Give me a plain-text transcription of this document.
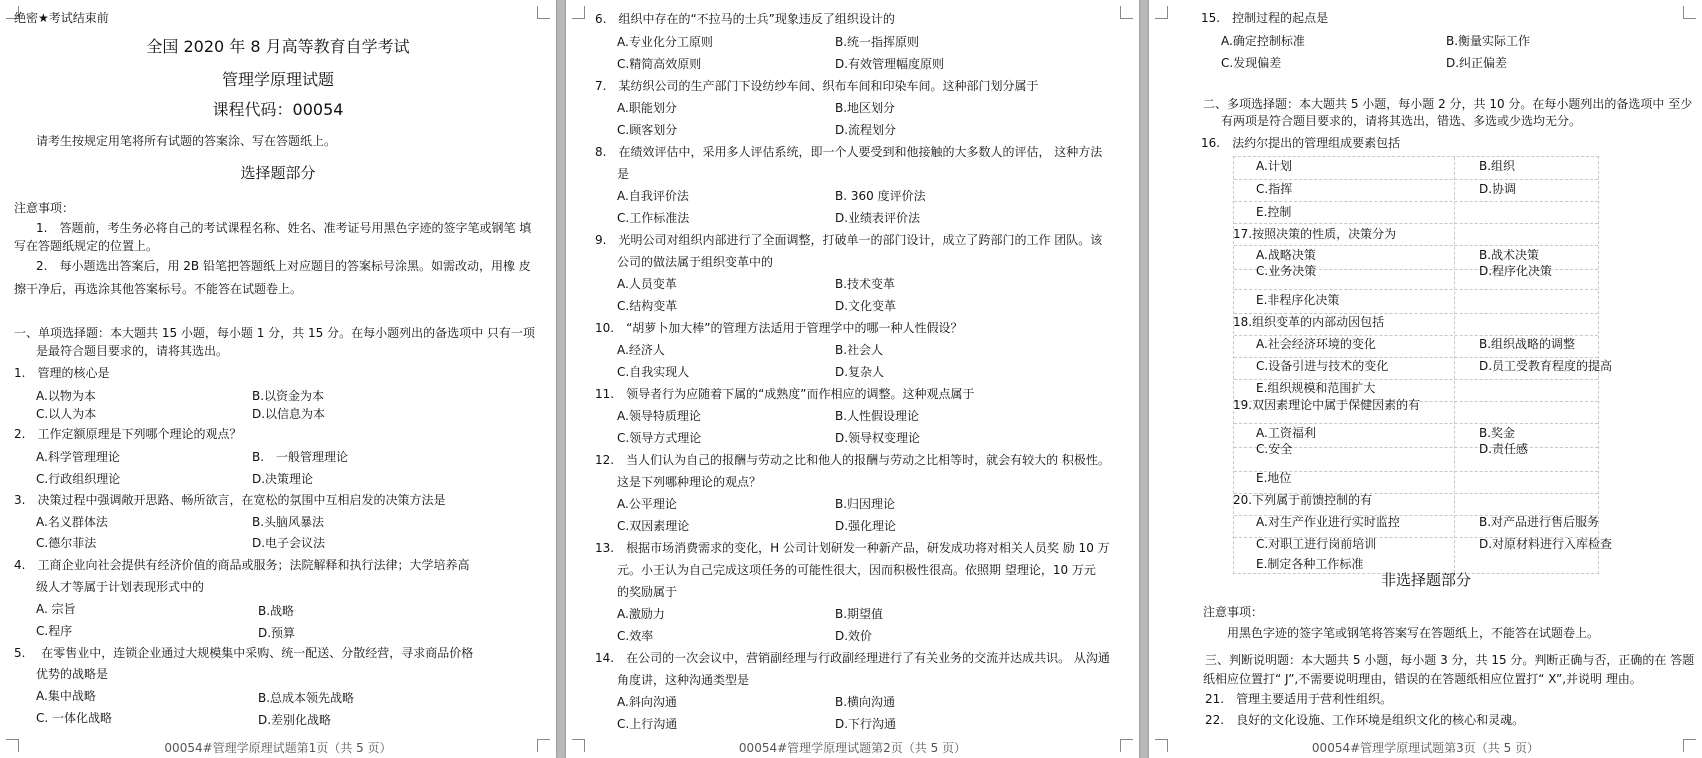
绝密★考试结束前
全国 2020 年 8 月高等教育自学考试
管理学原理试题
课程代码：00054
请考生按规定用笔将所有试题的答案涂、写在答题纸上。
选择题部分
注意事项：
1.　答题前，考生务必将自己的考试课程名称、姓名、准考证号用黑色字迹的签字笔或钢笔 填
写在答题纸规定的位置上。
2.　每小题选出答案后，用 2B 铅笔把答题纸上对应题目的答案标号涂黑。如需改动，用橡 皮
擦干净后，再选涂其他答案标号。不能答在试题卷上。
一、单项选择题：本大题共 15 小题，每小题 1 分，共 15 分。在每小题列出的备选项中 只有一项
是最符合题目要求的，请将其选出。
1.　管理的核心是
A.以物为本	B.以资金为本
C.以人为本	D.以信息为本
2.　工作定额原理是下列哪个理论的观点？
A.科学管理理论	B.　一般管理理论
C.行政组织理论	D.决策理论
3.　决策过程中强调敞开思路、畅所欲言，在宽松的氛围中互相启发的决策方法是
A.名义群体法	B.头脑风暴法
C.德尔菲法	D.电子会议法
4.　工商企业向社会提供有经济价值的商品或服务；法院解释和执行法律；大学培养高
级人才等属于计划表现形式中的
A. 宗旨	B.战略
C.程序	D.预算
5.　 在零售业中，连锁企业通过大规模集中采购、统一配送、分散经营，寻求商品价格
优势的战略是
A.集中战略	B.总成本领先战略
C. 一体化战略	D.差别化战略
00054#管理学原理试题第1页（共 5 页）
6.　组织中存在的“不拉马的士兵”现象违反了组织设计的
A.专业化分工原则	B.统一指挥原则
C.精简高效原则	D.有效管理幅度原则
7.　某纺织公司的生产部门下设纺纱车间、织布车间和印染车间。这种部门划分属于
A.职能划分	B.地区划分
C.顾客划分	D.流程划分
8.　在绩效评估中，采用多人评估系统，即一个人要受到和他接触的大多数人的评估， 这种方法
是
A.自我评价法	B. 360 度评价法
C.工作标准法	D.业绩表评价法
9.　光明公司对组织内部进行了全面调整，打破单一的部门设计，成立了跨部门的工作 团队。该
公司的做法属于组织变革中的
A.人员变革	B.技术变革
C.结构变革	D.文化变革
10.　“胡萝卜加大棒”的管理方法适用于管理学中的哪一种人性假设？
A.经济人	B.社会人
C.自我实现人	D.复杂人
11.　领导者行为应随着下属的“成熟度”而作相应的调整。这种观点属于
A.领导特质理论	B.人性假设理论
C.领导方式理论	D.领导权变理论
12.　当人们认为自己的报酬与劳动之比和他人的报酬与劳动之比相等时，就会有较大的 积极性。
这是下列哪种理论的观点？
A.公平理论	B.归因理论
C.双因素理论	D.强化理论
13.　根据市场消费需求的变化，H 公司计划研发一种新产品，研发成功将对相关人员奖 励 10 万
元。小王认为自己完成这项任务的可能性很大，因而积极性很高。依照期 望理论，10 万元
的奖励属于
A.激励力	B.期望值
C.效率	D.效价
14.　在公司的一次会议中，营销副经理与行政副经理进行了有关业务的交流并达成共识。 从沟通
角度讲，这种沟通类型是
A.斜向沟通	B.横向沟通
C.上行沟通	D.下行沟通
00054#管理学原理试题第2页（共 5 页）
15.　控制过程的起点是
A.确定控制标准	B.衡量实际工作
C.发现偏差	D.纠正偏差
二、多项选择题：本大题共 5 小题，每小题 2 分，共 10 分。在每小题列出的备选项中 至少
有两项是符合题目要求的，请将其选出，错选、多选或少选均无分。
16.　法约尔提出的管理组成要素包括
A.计划	B.组织
C.指挥	D.协调
E.控制
17.按照决策的性质，决策分为
A.战略决策	B.战术决策
C.业务决策	D.程序化决策
E.非程序化决策
18.组织变革的内部动因包括
A.社会经济环境的变化	B.组织战略的调整
C.设备引进与技术的变化	D.员工受教育程度的提高
E.组织规模和范围扩大
19.双因素理论中属于保健因素的有
A.工资福利	B.奖金
C.安全	D.责任感
E.地位
20.下列属于前馈控制的有
A.对生产作业进行实时监控	B.对产品进行售后服务
C.对职工进行岗前培训	D.对原材料进行入库检查
E.制定各种工作标准
非选择题部分
注意事项：
用黑色字迹的签字笔或钢笔将答案写在答题纸上，不能答在试题卷上。
三、判断说明题：本大题共 5 小题，每小题 3 分，共 15 分。判断正确与否，正确的在 答题
纸相应位置打“ J”,不需要说明理由，错误的在答题纸相应位置打“ X”,并说明 理由。
21.　管理主要适用于营利性组织。
22.　良好的文化设施、工作环境是组织文化的核心和灵魂。
00054#管理学原理试题第3页（共 5 页）
